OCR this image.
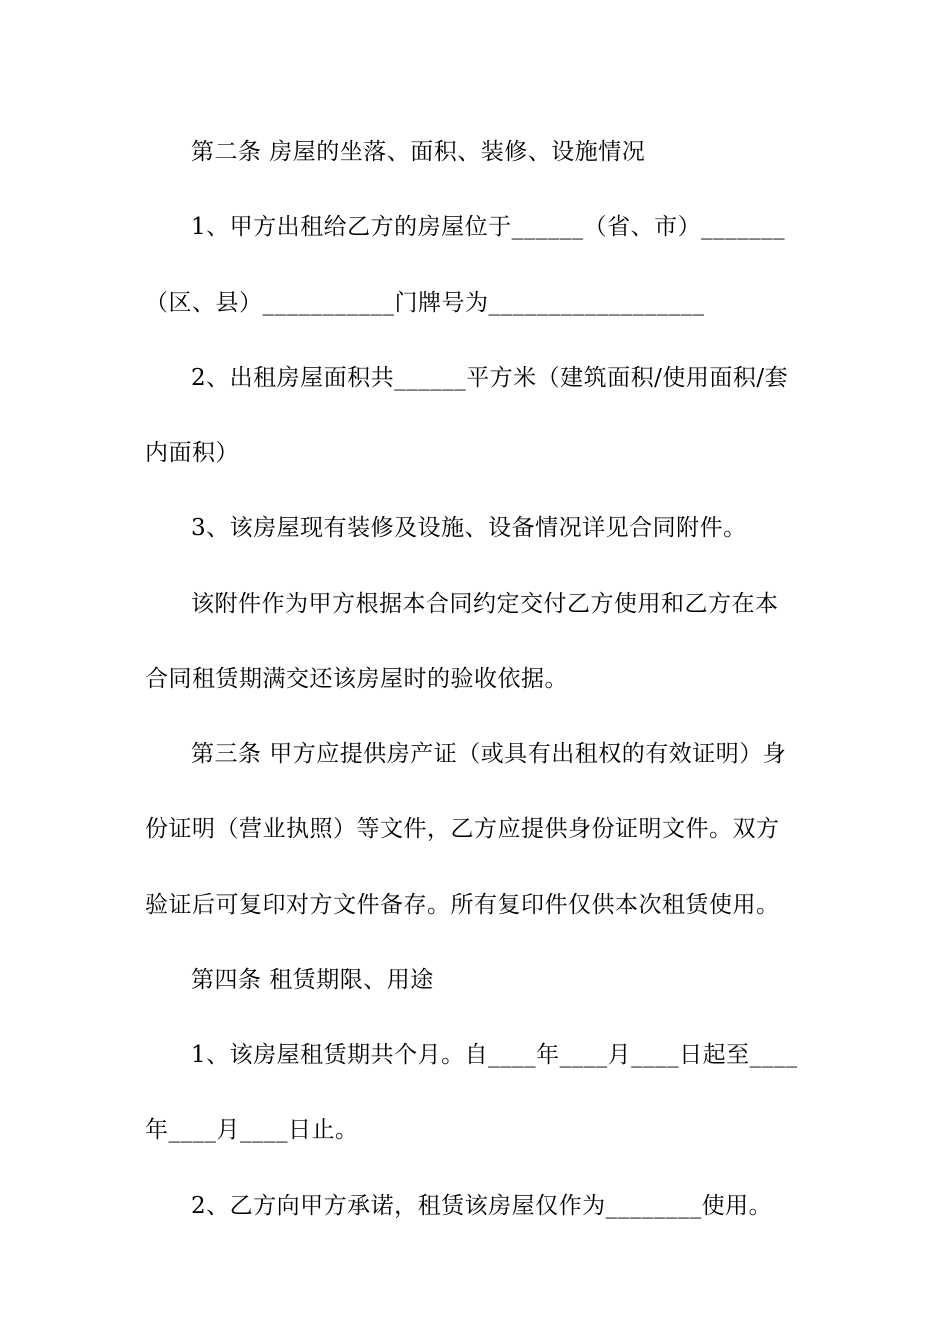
第二条 房屋的坐落、面积、装修、设施情况
1、甲方出租给乙方的房屋位于______（省、市）_______
（区、县）___________门牌号为__________________
2、出租房屋面积共______平方米（建筑面积/使用面积/套
内面积）
3、该房屋现有装修及设施、设备情况详见合同附件。
该附件作为甲方根据本合同约定交付乙方使用和乙方在本
合同租赁期满交还该房屋时的验收依据。
第三条 甲方应提供房产证（或具有出租权的有效证明）身
份证明（营业执照）等文件，乙方应提供身份证明文件。双方
验证后可复印对方文件备存。所有复印件仅供本次租赁使用。
第四条 租赁期限、用途
1、该房屋租赁期共个月。自____年____月____日起至____
年____月____日止。
2、乙方向甲方承诺，租赁该房屋仅作为________使用。
